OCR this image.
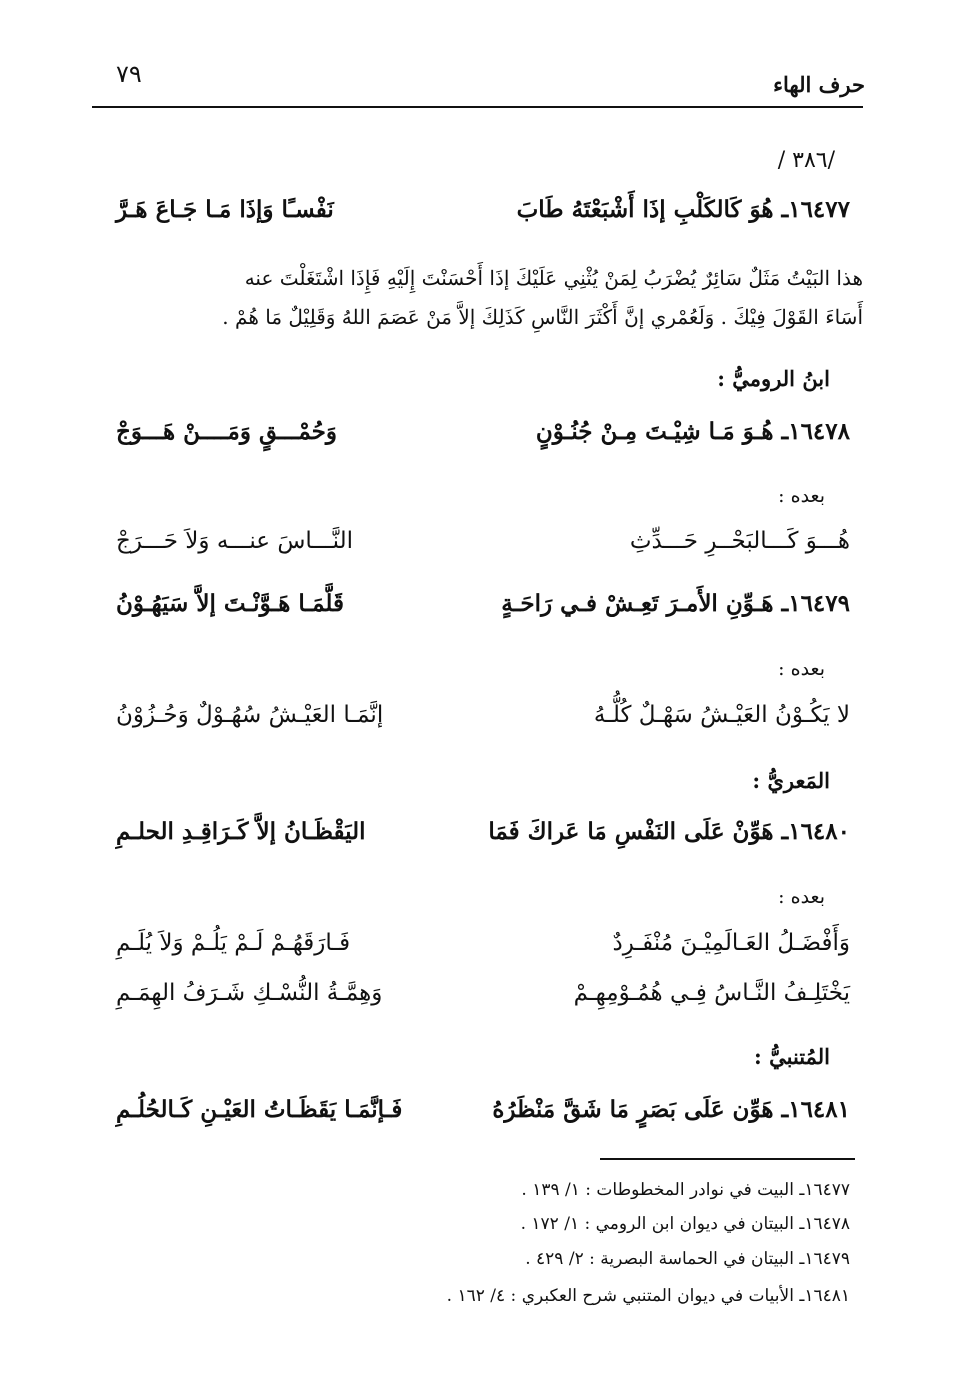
حرف الهاء
٧٩
/ ٣٨٦/
١٦٤٧٧ـ هُوَ كَالكَلْبِ إذَا أَشْبَعْتَهُ طَابَ
نَفْسـًا وَإذَا مَـا جَـاعَ هَـرَّ
هذا البَيْتُ مَثَلٌ سَائِرٌ يُضْرَبُ لِمَنْ يُثْنِي عَلَيْكَ إذَا أَحْسَنْتَ إِلَيْهِ فَإِذَا اشْتَغَلْتَ عنه
أَسَاءَ القَوْلَ فِيْكَ . وَلَعُمْري إنَّ أَكْثَرَ النَّاسِ كَذَلِكَ إلاَّ مَنْ عَصَمَ اللهُ وَقَلِيْلٌ مَا هُمْ .
ابنُ الروميُّ :
١٦٤٧٨ـ هُـوَ مَـا شِيْـتَ مِـنْ جُنُـوْنٍ
وَحُمْـــقٍ وَمَــــنْ هَـــوَجْ
بعده :
هُـــوَ كَـــالبَحْــرِ حَـــدِّثِ
النَّـــاسَ عنـــه وَلاَ حَـــرَجْ
١٦٤٧٩ـ هَـوِّنِ الأَمـرَ تَعِـشْ فـي رَاحَـةٍ
قَلَّمَـا هَـوَّنْـتَ إلاَّ سَيَهُـوْنُ
بعده :
لا يَكُـوْنُ العَيْـشُ سَهْـلٌ كُلُّـهُ
إنَّمَـا العَيْـشُ سُهُـوْلٌ وَحُـزُوْنُ
المَعريُّ :
١٦٤٨٠ـ هَوِّنْ عَلَى النَفْسِ مَا عَراكَ فَمَا
اليَقْظَـانُ إلاَّ كَـرَاقِـدِ الحلـمِ
بعده :
وَأَفْضَـلُ العَـالَمِيْـنَ مُنْفَـرِدٌ
فَـارَقَهُـمْ لَـمْ يَلُـمْ وَلاَ يُلَـمِ
يَخْتَلِـفُ النَّـاسُ فِـي هُمُـوْمِهِـمْ
وَهِمَّـةُ النُّسْـكِ شَـرَفُ الهِمَـمِ
المُتنبيُّ :
١٦٤٨١ـ هَوِّن عَلَى بَصَرٍ مَا شَقَّ مَنْظَرُهُ
فَـإنَّمَـا يَقَظَـاتُ العَيْـنِ كَـالحُلُـمِ
١٦٤٧٧ـ البيت في نوادر المخطوطات : ١/ ١٣٩ .
١٦٤٧٨ـ البيتان في ديوان ابن الرومي : ١/ ١٧٢ .
١٦٤٧٩ـ البيتان في الحماسة البصرية : ٢/ ٤٢٩ .
١٦٤٨١ـ الأبيات في ديوان المتنبي شرح العكبري : ٤/ ١٦٢ .
